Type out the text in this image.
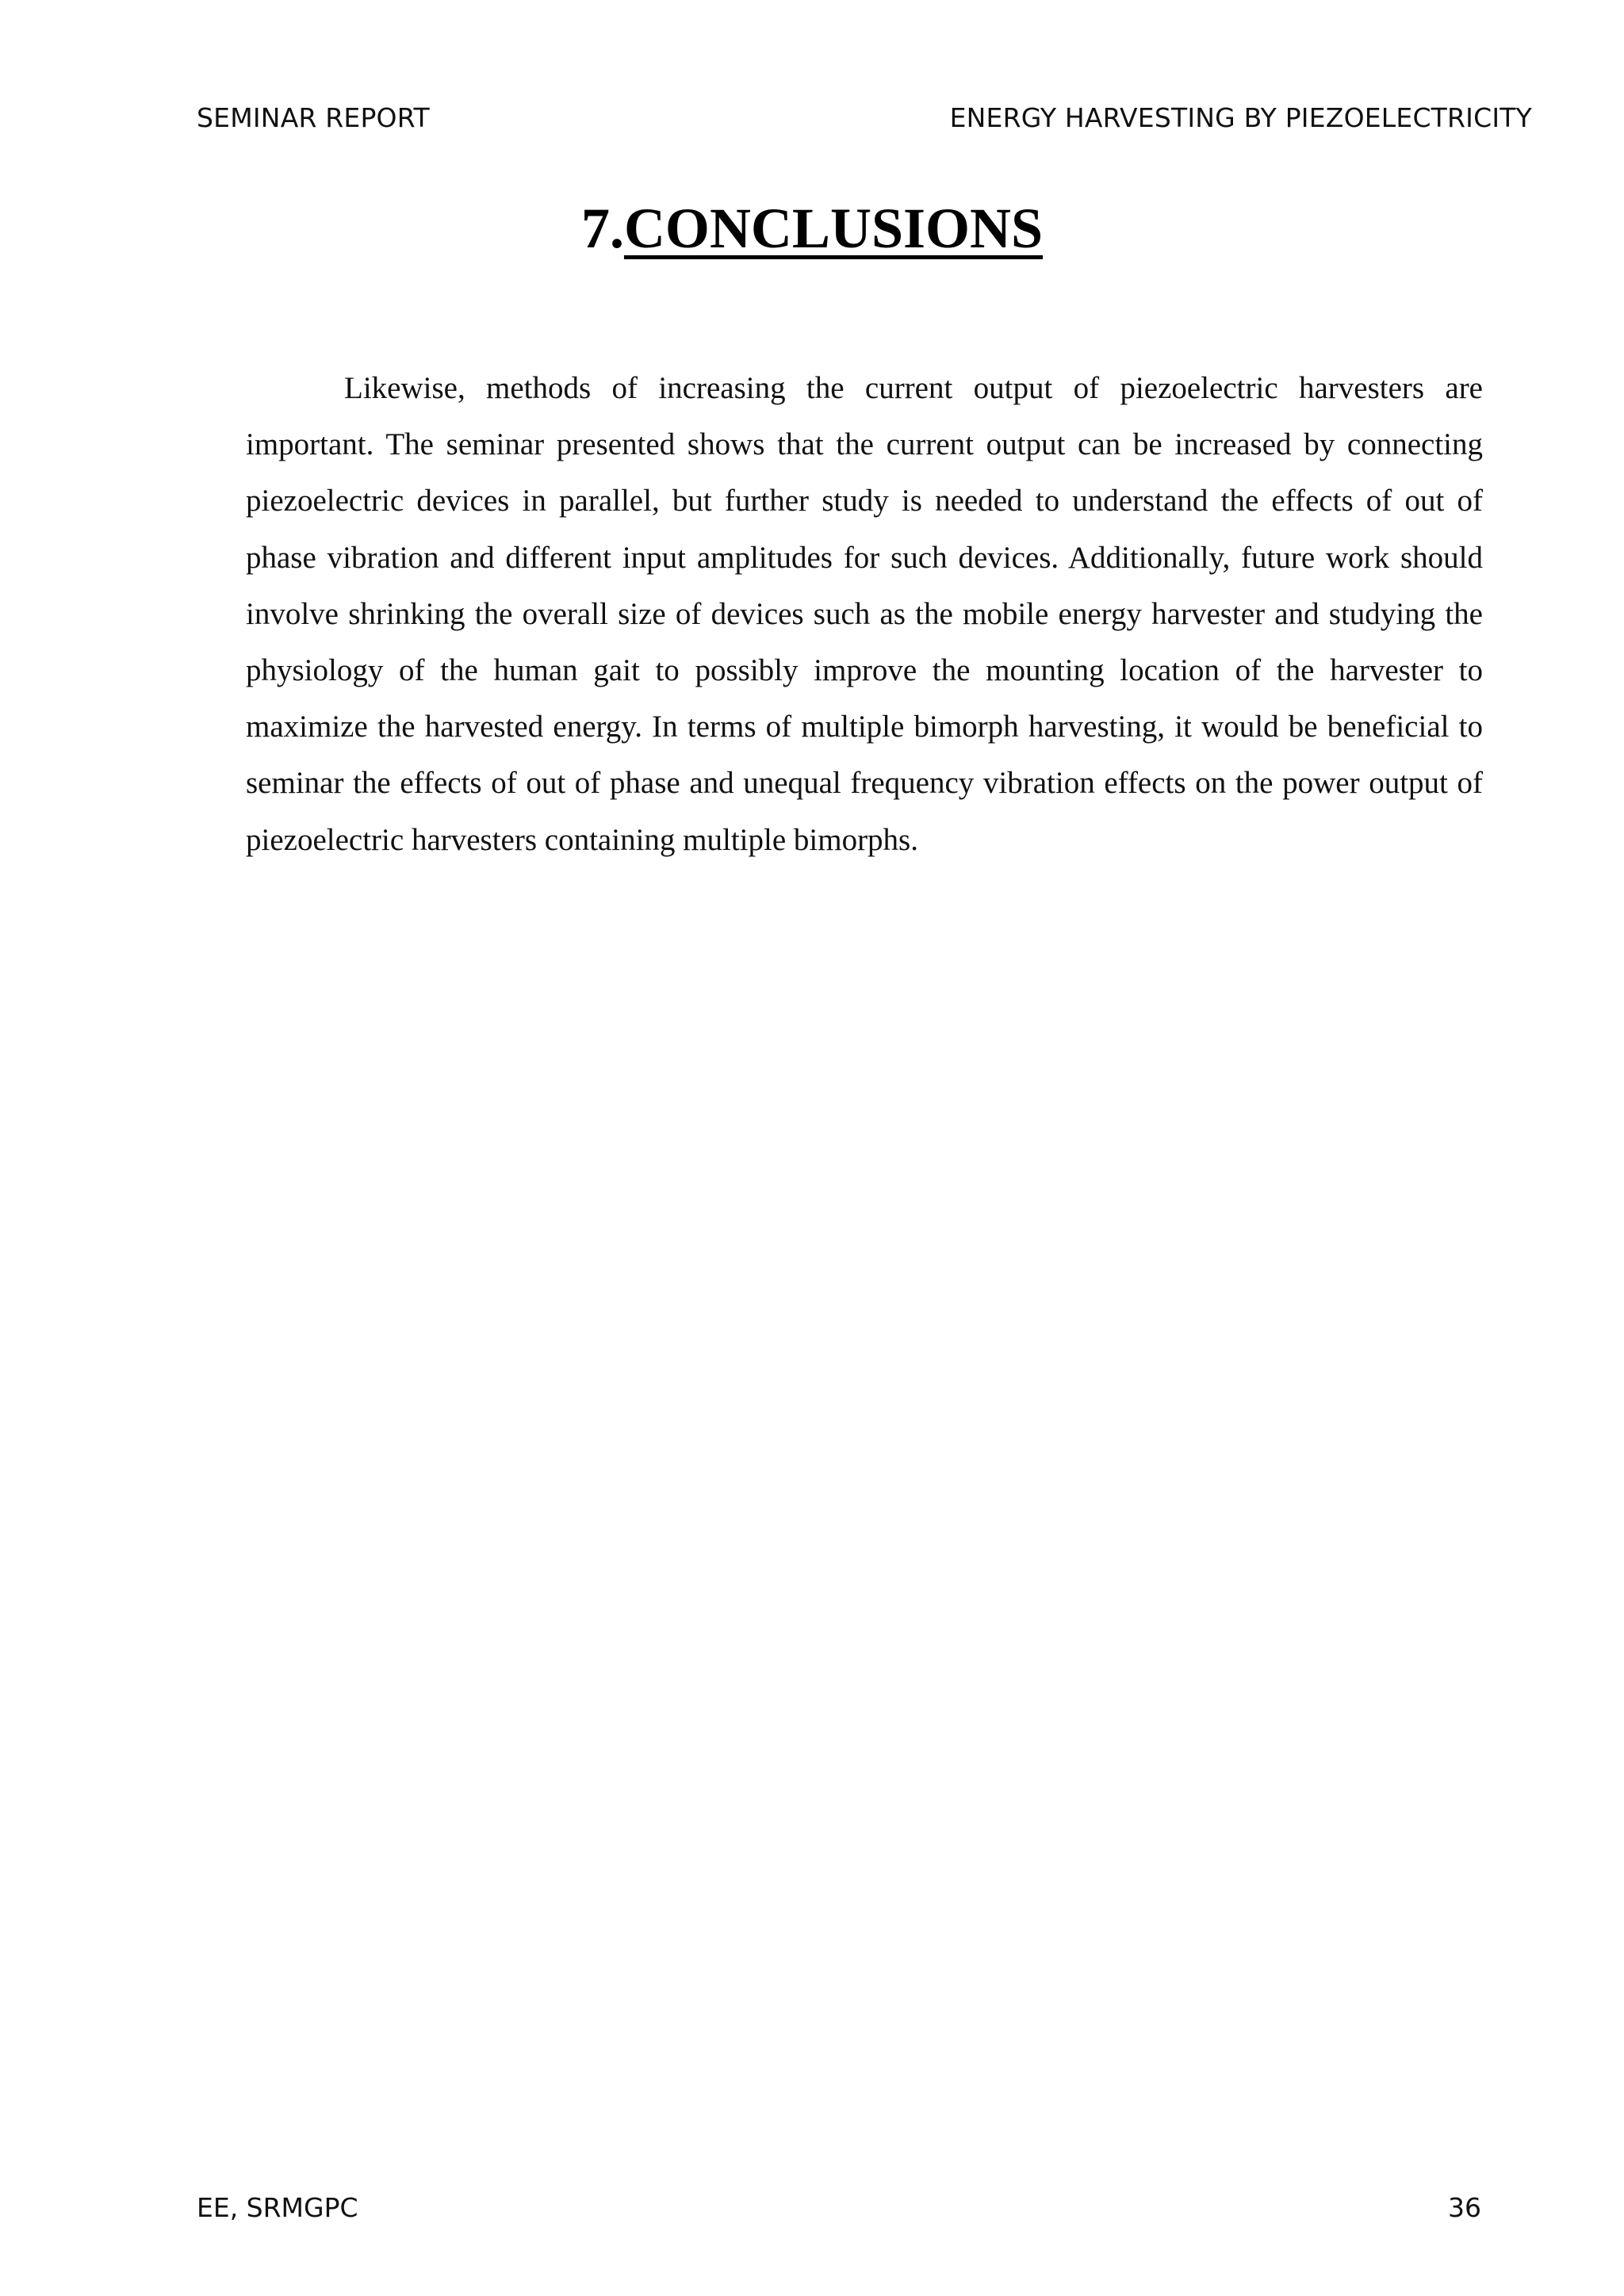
SEMINAR REPORT	ENERGY HARVESTING BY PIEZOELECTRICITY
7.CONCLUSIONS

Likewise, methods of increasing the current output of piezoelectric harvesters are important. The seminar presented shows that the current output can be increased by connecting piezoelectric devices in parallel, but further study is needed to understand the effects of out of phase vibration and different input amplitudes for such devices. Additionally, future work should involve shrinking the overall size of devices such as the mobile energy harvester and studying the physiology of the human gait to possibly improve the mounting location of the harvester to maximize the harvested energy. In terms of multiple bimorph harvesting, it would be beneficial to seminar the effects of out of phase and unequal frequency vibration effects on the power output of piezoelectric harvesters containing multiple bimorphs.

EE, SRMGPC	36
